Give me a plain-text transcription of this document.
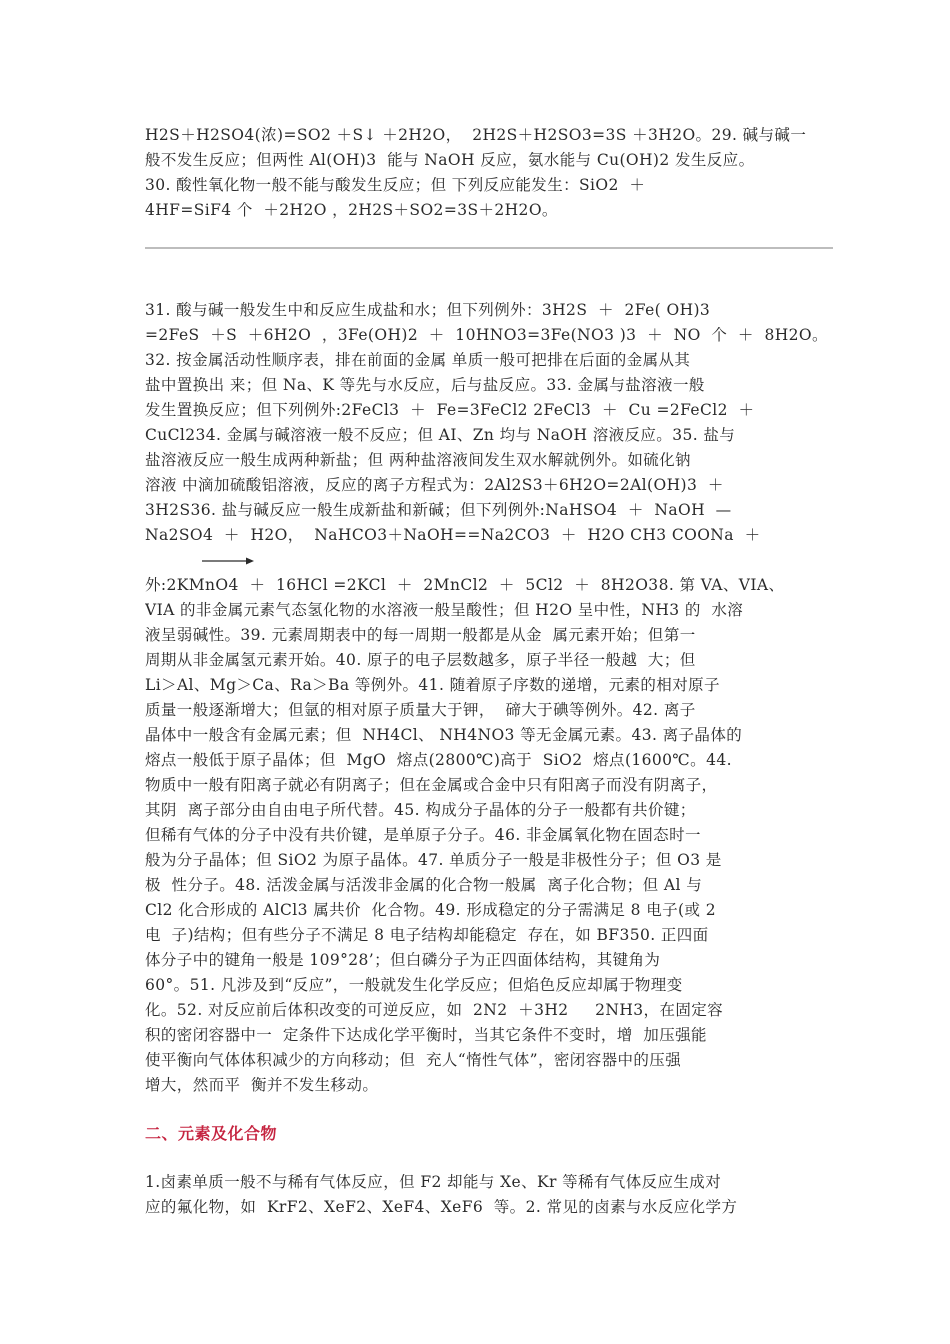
H2S＋H2SO4(浓)=SO2 ＋S↓ ＋2H2O，  2H2S＋H2SO3=3S ＋3H2O。29. 碱与碱一
般不发生反应；但两性 Al(OH)3  能与 NaOH 反应，氨水能与 Cu(OH)2 发生反应。
30. 酸性氧化物一般不能与酸发生反应；但 下列反应能发生：SiO2  ＋
4HF=SiF4 个  ＋2H2O ，2H2S＋SO2=3S＋2H2O。
31. 酸与碱一般发生中和反应生成盐和水；但下列例外：3H2S  ＋  2Fe( OH)3
=2FeS  ＋S  ＋6H2O  ，3Fe(OH)2  ＋  10HNO3=3Fe(NO3 )3  ＋  NO  个  ＋  8H2O。
32. 按金属活动性顺序表，排在前面的金属 单质一般可把排在后面的金属从其
盐中置换出 来；但 Na、K 等先与水反应，后与盐反应。33. 金属与盐溶液一般
发生置换反应；但下列例外:2FeCl3  ＋  Fe=3FeCl2 2FeCl3  ＋  Cu =2FeCl2  ＋
CuCl234. 金属与碱溶液一般不反应；但 AI、Zn 均与 NaOH 溶液反应。35. 盐与
盐溶液反应一般生成两种新盐；但 两种盐溶液间发生双水解就例外。如硫化钠
溶液 中滴加硫酸铝溶液，反应的离子方程式为：2Al2S3＋6H2O=2Al(OH)3  ＋
3H2S36. 盐与碱反应一般生成新盐和新碱；但下列例外:NaHSO4  ＋  NaOH  —
Na2SO4  ＋  H2O，  NaHCO3＋NaOH==Na2CO3  ＋  H2O CH3 COONa  ＋

外:2KMnO4  ＋  16HCl =2KCl  ＋  2MnCl2  ＋  5Cl2  ＋  8H2O38. 第 VA、VIA、
VIA 的非金属元素气态氢化物的水溶液一般呈酸性；但 H2O 呈中性，NH3 的  水溶
液呈弱碱性。39. 元素周期表中的每一周期一般都是从金  属元素开始；但第一
周期从非金属氢元素开始。40. 原子的电子层数越多，原子半径一般越  大；但
Li＞Al、Mg＞Ca、Ra＞Ba 等例外。41. 随着原子序数的递增，元素的相对原子
质量一般逐渐增大；但氩的相对原子质量大于钾，  碲大于碘等例外。42. 离子
晶体中一般含有金属元素；但  NH4Cl、 NH4NO3 等无金属元素。43. 离子晶体的
熔点一般低于原子晶体；但  MgO  熔点(2800℃)高于  SiO2  熔点(1600℃。44.
物质中一般有阳离子就必有阴离子；但在金属或合金中只有阳离子而没有阴离子，
其阴  离子部分由自由电子所代替。45. 构成分子晶体的分子一般都有共价键；
但稀有气体的分子中没有共价键，是单原子分子。46. 非金属氧化物在固态时一
般为分子晶体；但 SiO2 为原子晶体。47. 单质分子一般是非极性分子；但 O3 是
极  性分子。48. 活泼金属与活泼非金属的化合物一般属  离子化合物；但 Al 与
Cl2 化合形成的 AlCl3 属共价  化合物。49. 形成稳定的分子需满足 8 电子(或 2
电  子)结构；但有些分子不满足 8 电子结构却能稳定  存在，如 BF350. 正四面
体分子中的键角一般是 109°28’；但白磷分子为正四面体结构，其键角为
60°。51. 凡涉及到“反应”，一般就发生化学反应；但焰色反应却属于物理变
化。52. 对反应前后体积改变的可逆反应，如  2N2  ＋3H2     2NH3，在固定容
积的密闭容器中一  定条件下达成化学平衡时，当其它条件不变时，增  加压强能
使平衡向气体体积减少的方向移动；但  充人“惰性气体”，密闭容器中的压强
增大，然而平  衡并不发生移动。
二、元素及化合物
1.卤素单质一般不与稀有气体反应，但 F2 却能与 Xe、Kr 等稀有气体反应生成对
应的氟化物，如  KrF2、XeF2、XeF4、XeF6  等。2. 常见的卤素与水反应化学方
